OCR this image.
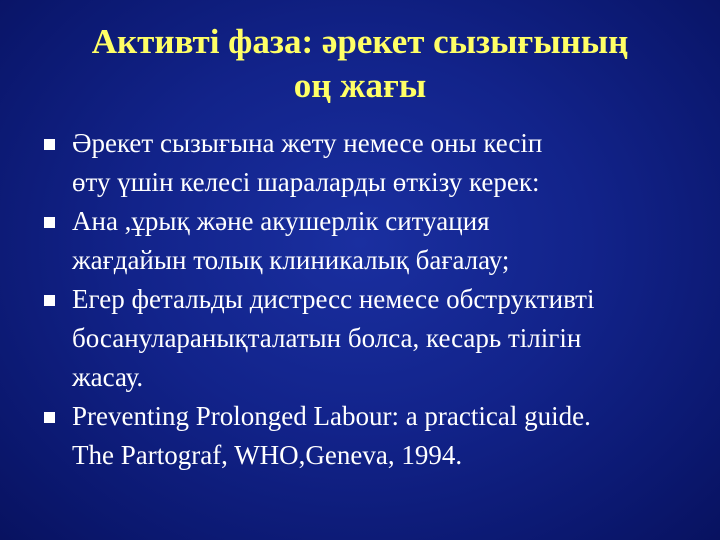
Активті фаза: әрекет сызығының
оң жағы
Әрекет сызығына жету немесе оны кесіп
өту үшін келесі шараларды өткізу керек:
Ана ,ұрық және акушерлік ситуация
жағдайын толық клиникалық бағалау;
Егер фетальды дистресс немесе обструктивті
босануларанықталатын болса, кесарь тілігін
жасау.
Preventing Prolonged Labour: a practical guide.
The Partograf, WHO,Geneva, 1994.
